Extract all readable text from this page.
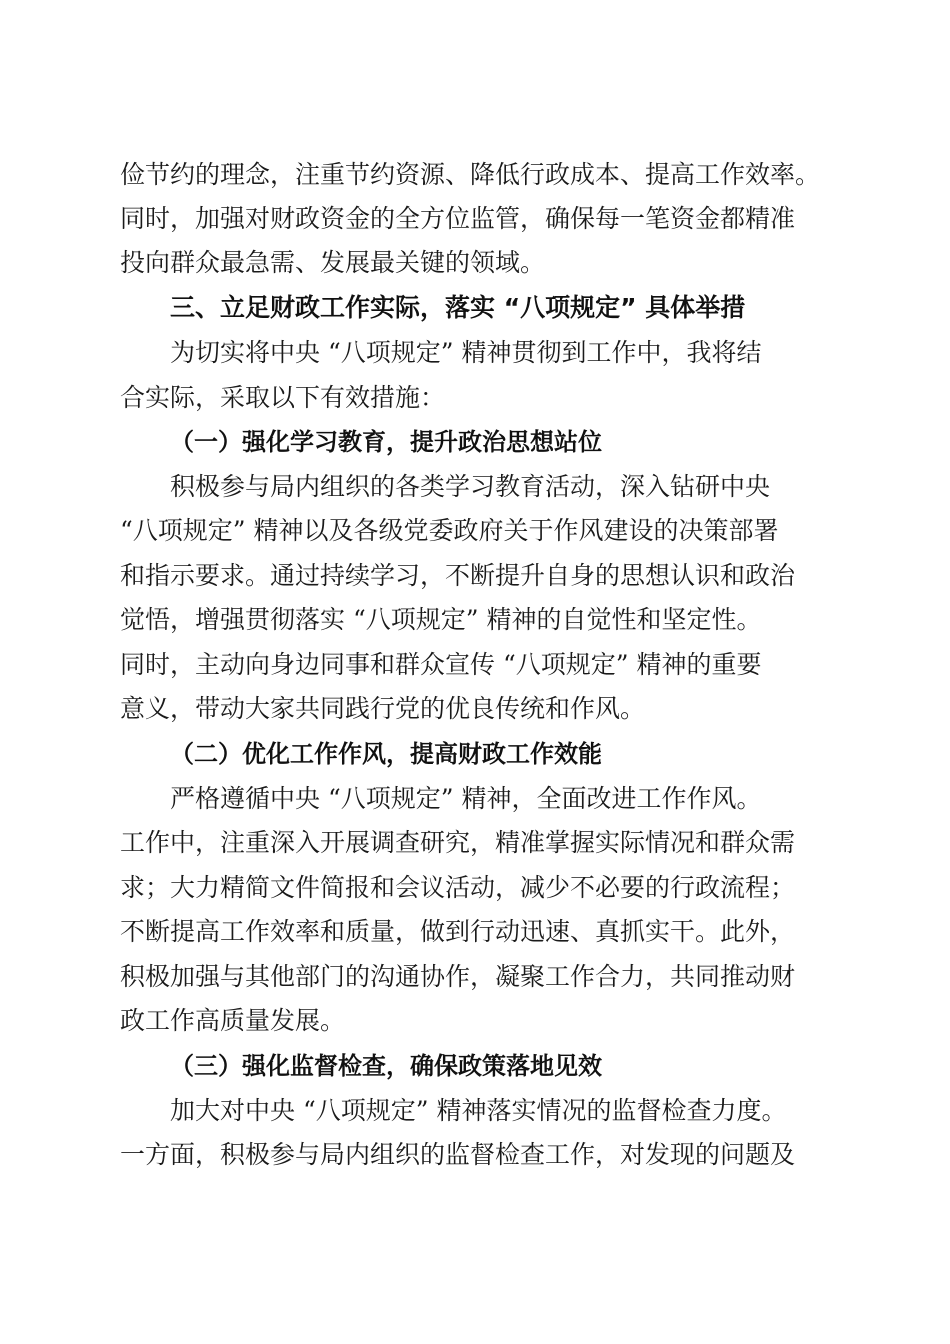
俭节约的理念，注重节约资源、降低行政成本、提高工作效率。
同时，加强对财政资金的全方位监管，确保每一笔资金都精准
投向群众最急需、发展最关键的领域。
三、立足财政工作实际，落实 “八项规定” 具体举措
为切实将中央 “八项规定” 精神贯彻到工作中，我将结
合实际，采取以下有效措施：
（一）强化学习教育，提升政治思想站位
积极参与局内组织的各类学习教育活动，深入钻研中央
“八项规定” 精神以及各级党委政府关于作风建设的决策部署
和指示要求。通过持续学习，不断提升自身的思想认识和政治
觉悟，增强贯彻落实 “八项规定” 精神的自觉性和坚定性。
同时，主动向身边同事和群众宣传 “八项规定” 精神的重要
意义，带动大家共同践行党的优良传统和作风。
（二）优化工作作风，提高财政工作效能
严格遵循中央 “八项规定” 精神，全面改进工作作风。
工作中，注重深入开展调查研究，精准掌握实际情况和群众需
求；大力精简文件简报和会议活动，减少不必要的行政流程；
不断提高工作效率和质量，做到行动迅速、真抓实干。此外，
积极加强与其他部门的沟通协作，凝聚工作合力，共同推动财
政工作高质量发展。
（三）强化监督检查，确保政策落地见效
加大对中央 “八项规定” 精神落实情况的监督检查力度。
一方面，积极参与局内组织的监督检查工作，对发现的问题及
